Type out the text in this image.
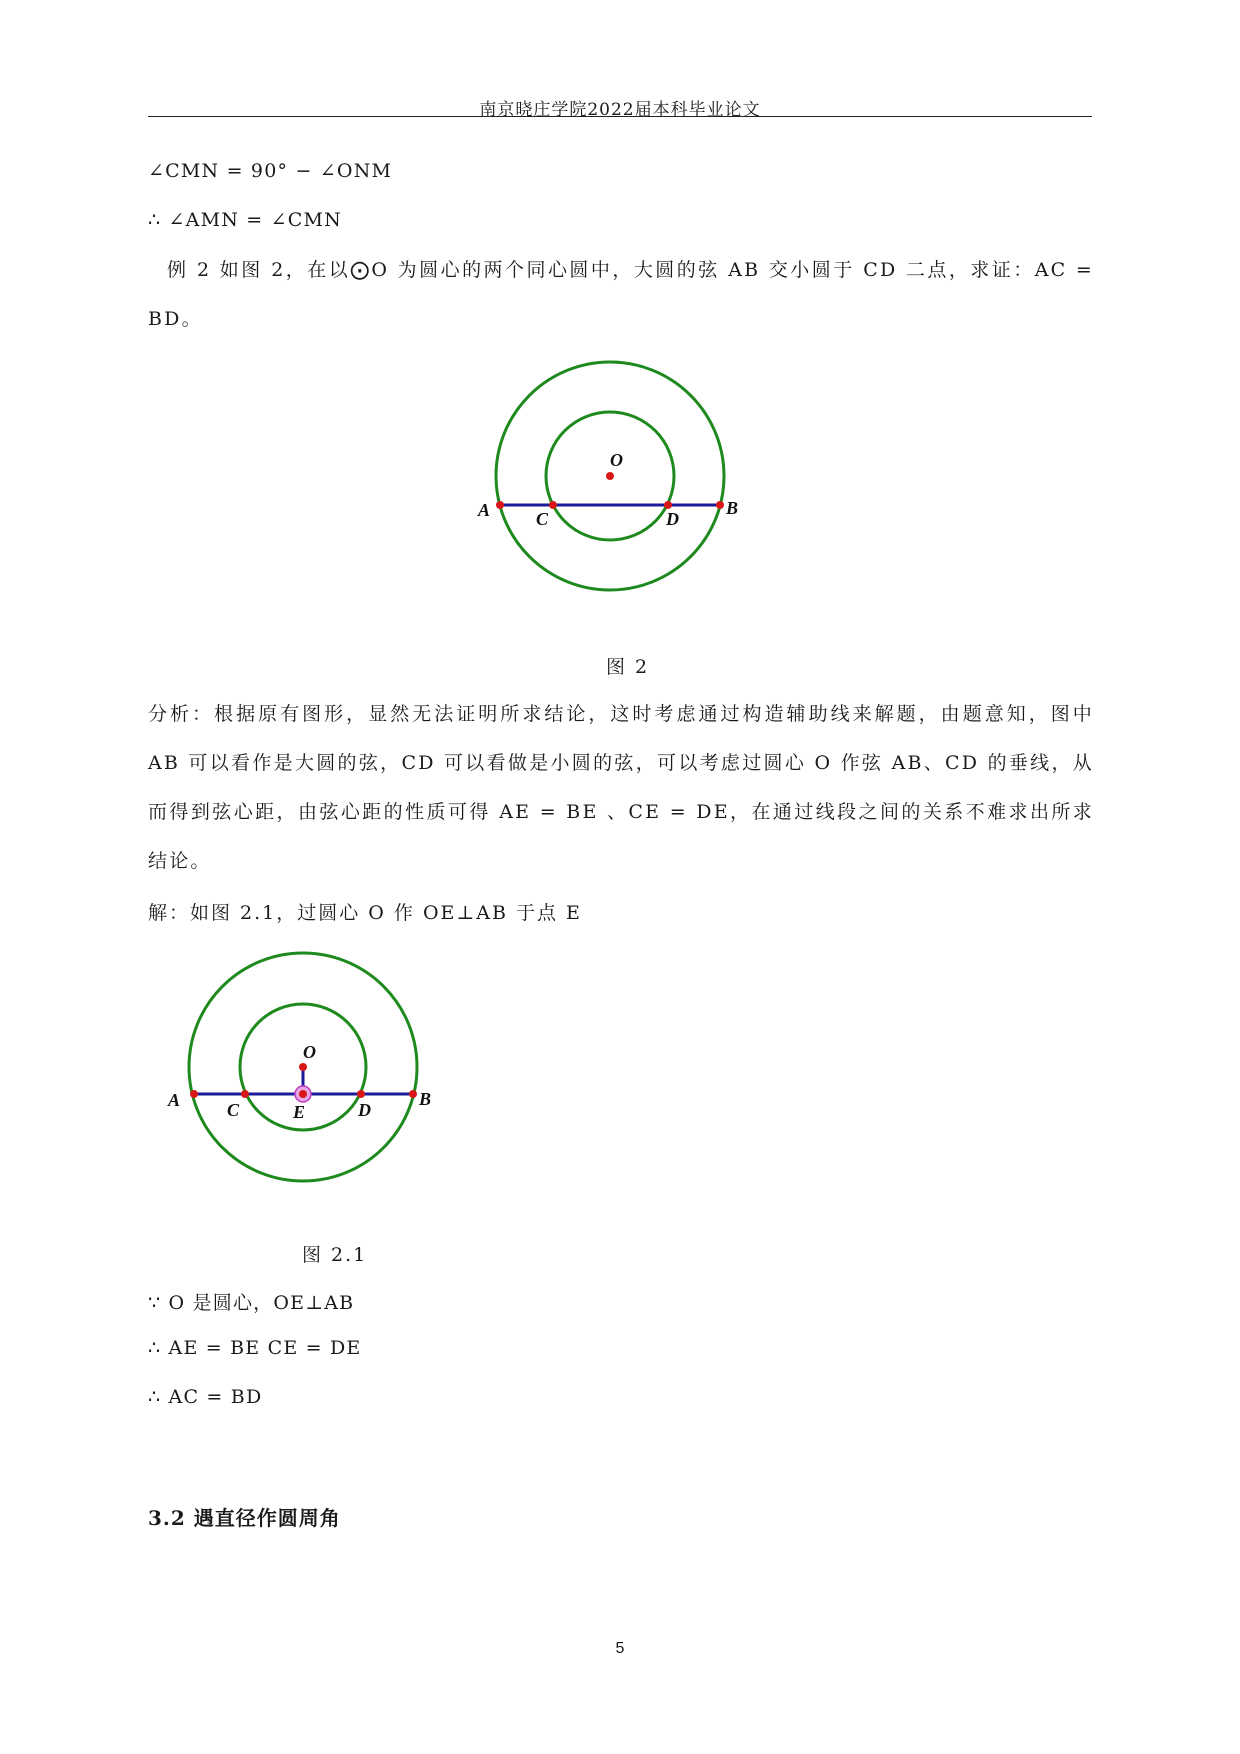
南京晓庄学院2022届本科毕业论文
∠CMN = 90° − ∠ONM
∴ ∠AMN = ∠CMN
例 2 如图 2，在以⨀O 为圆心的两个同心圆中，大圆的弦 AB 交小圆于 CD 二点，求证：AC = BD。
O
A	C	D
B
图 2
分析：根据原有图形，显然无法证明所求结论，这时考虑通过构造辅助线来解题，由题意知，图中 AB 可以看作是大圆的弦，CD 可以看做是小圆的弦，可以考虑过圆心 O 作弦 AB、CD 的垂线，从而得到弦心距，由弦心距的性质可得 AE = BE 、CE = DE，在通过线段之间的关系不难求出所求结论。
解：如图 2.1，过圆心 O 作 OE⊥AB 于点 E
O
A	C	E	D
B
图 2.1
∵ O 是圆心，OE⊥AB
∴ AE = BE CE = DE
∴ AC = BD
3.2 遇直径作圆周角
5
